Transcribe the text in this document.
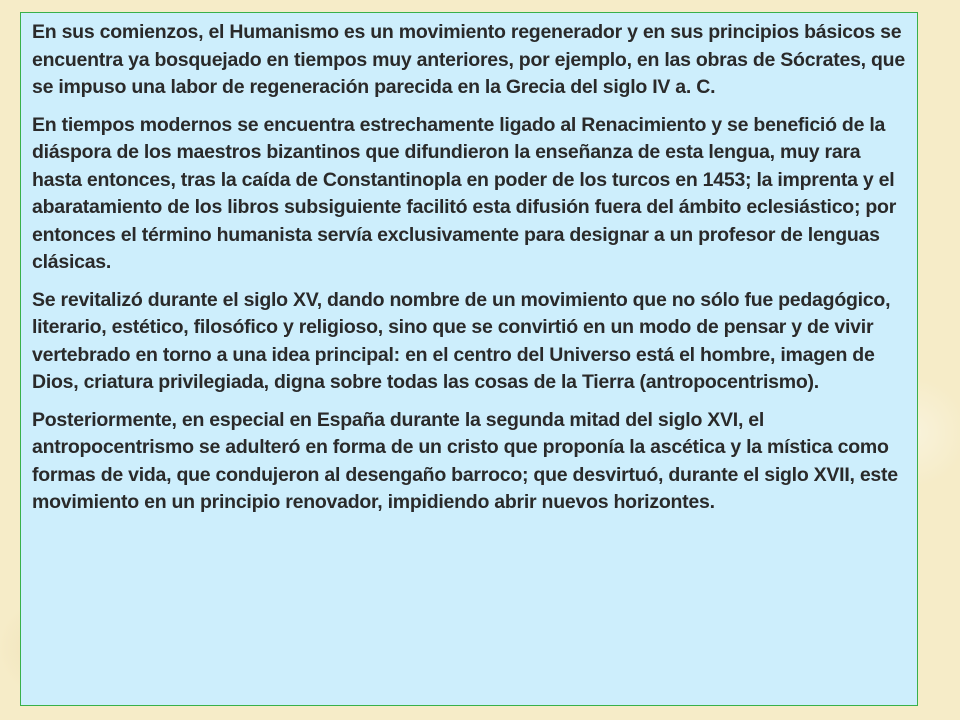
En sus comienzos, el Humanismo es un movimiento regenerador y en sus principios básicos se encuentra ya bosquejado en tiempos muy anteriores, por ejemplo, en las obras de Sócrates, que se impuso una labor de regeneración parecida en la Grecia del siglo IV a. C.

En tiempos modernos se encuentra estrechamente ligado al Renacimiento y se benefició de la diáspora de los maestros bizantinos que difundieron la enseñanza de esta lengua, muy rara hasta entonces, tras la caída de Constantinopla en poder de los turcos en 1453; la imprenta y el abaratamiento de los libros subsiguiente facilitó esta difusión fuera del ámbito eclesiástico; por entonces el término humanista servía exclusivamente para designar a un profesor de lenguas clásicas.

Se revitalizó durante el siglo XV, dando nombre de un movimiento que no sólo fue pedagógico, literario, estético, filosófico y religioso, sino que se convirtió en un modo de pensar y de vivir vertebrado en torno a una idea principal: en el centro del Universo está el hombre, imagen de Dios, criatura privilegiada, digna sobre todas las cosas de la Tierra (antropocentrismo).

Posteriormente, en especial en España durante la segunda mitad del siglo XVI, el antropocentrismo se adulteró en forma de un cristo que proponía la ascética y la mística como formas de vida, que condujeron al desengaño barroco; que desvirtuó, durante el siglo XVII, este movimiento en un principio renovador, impidiendo abrir nuevos horizontes.
